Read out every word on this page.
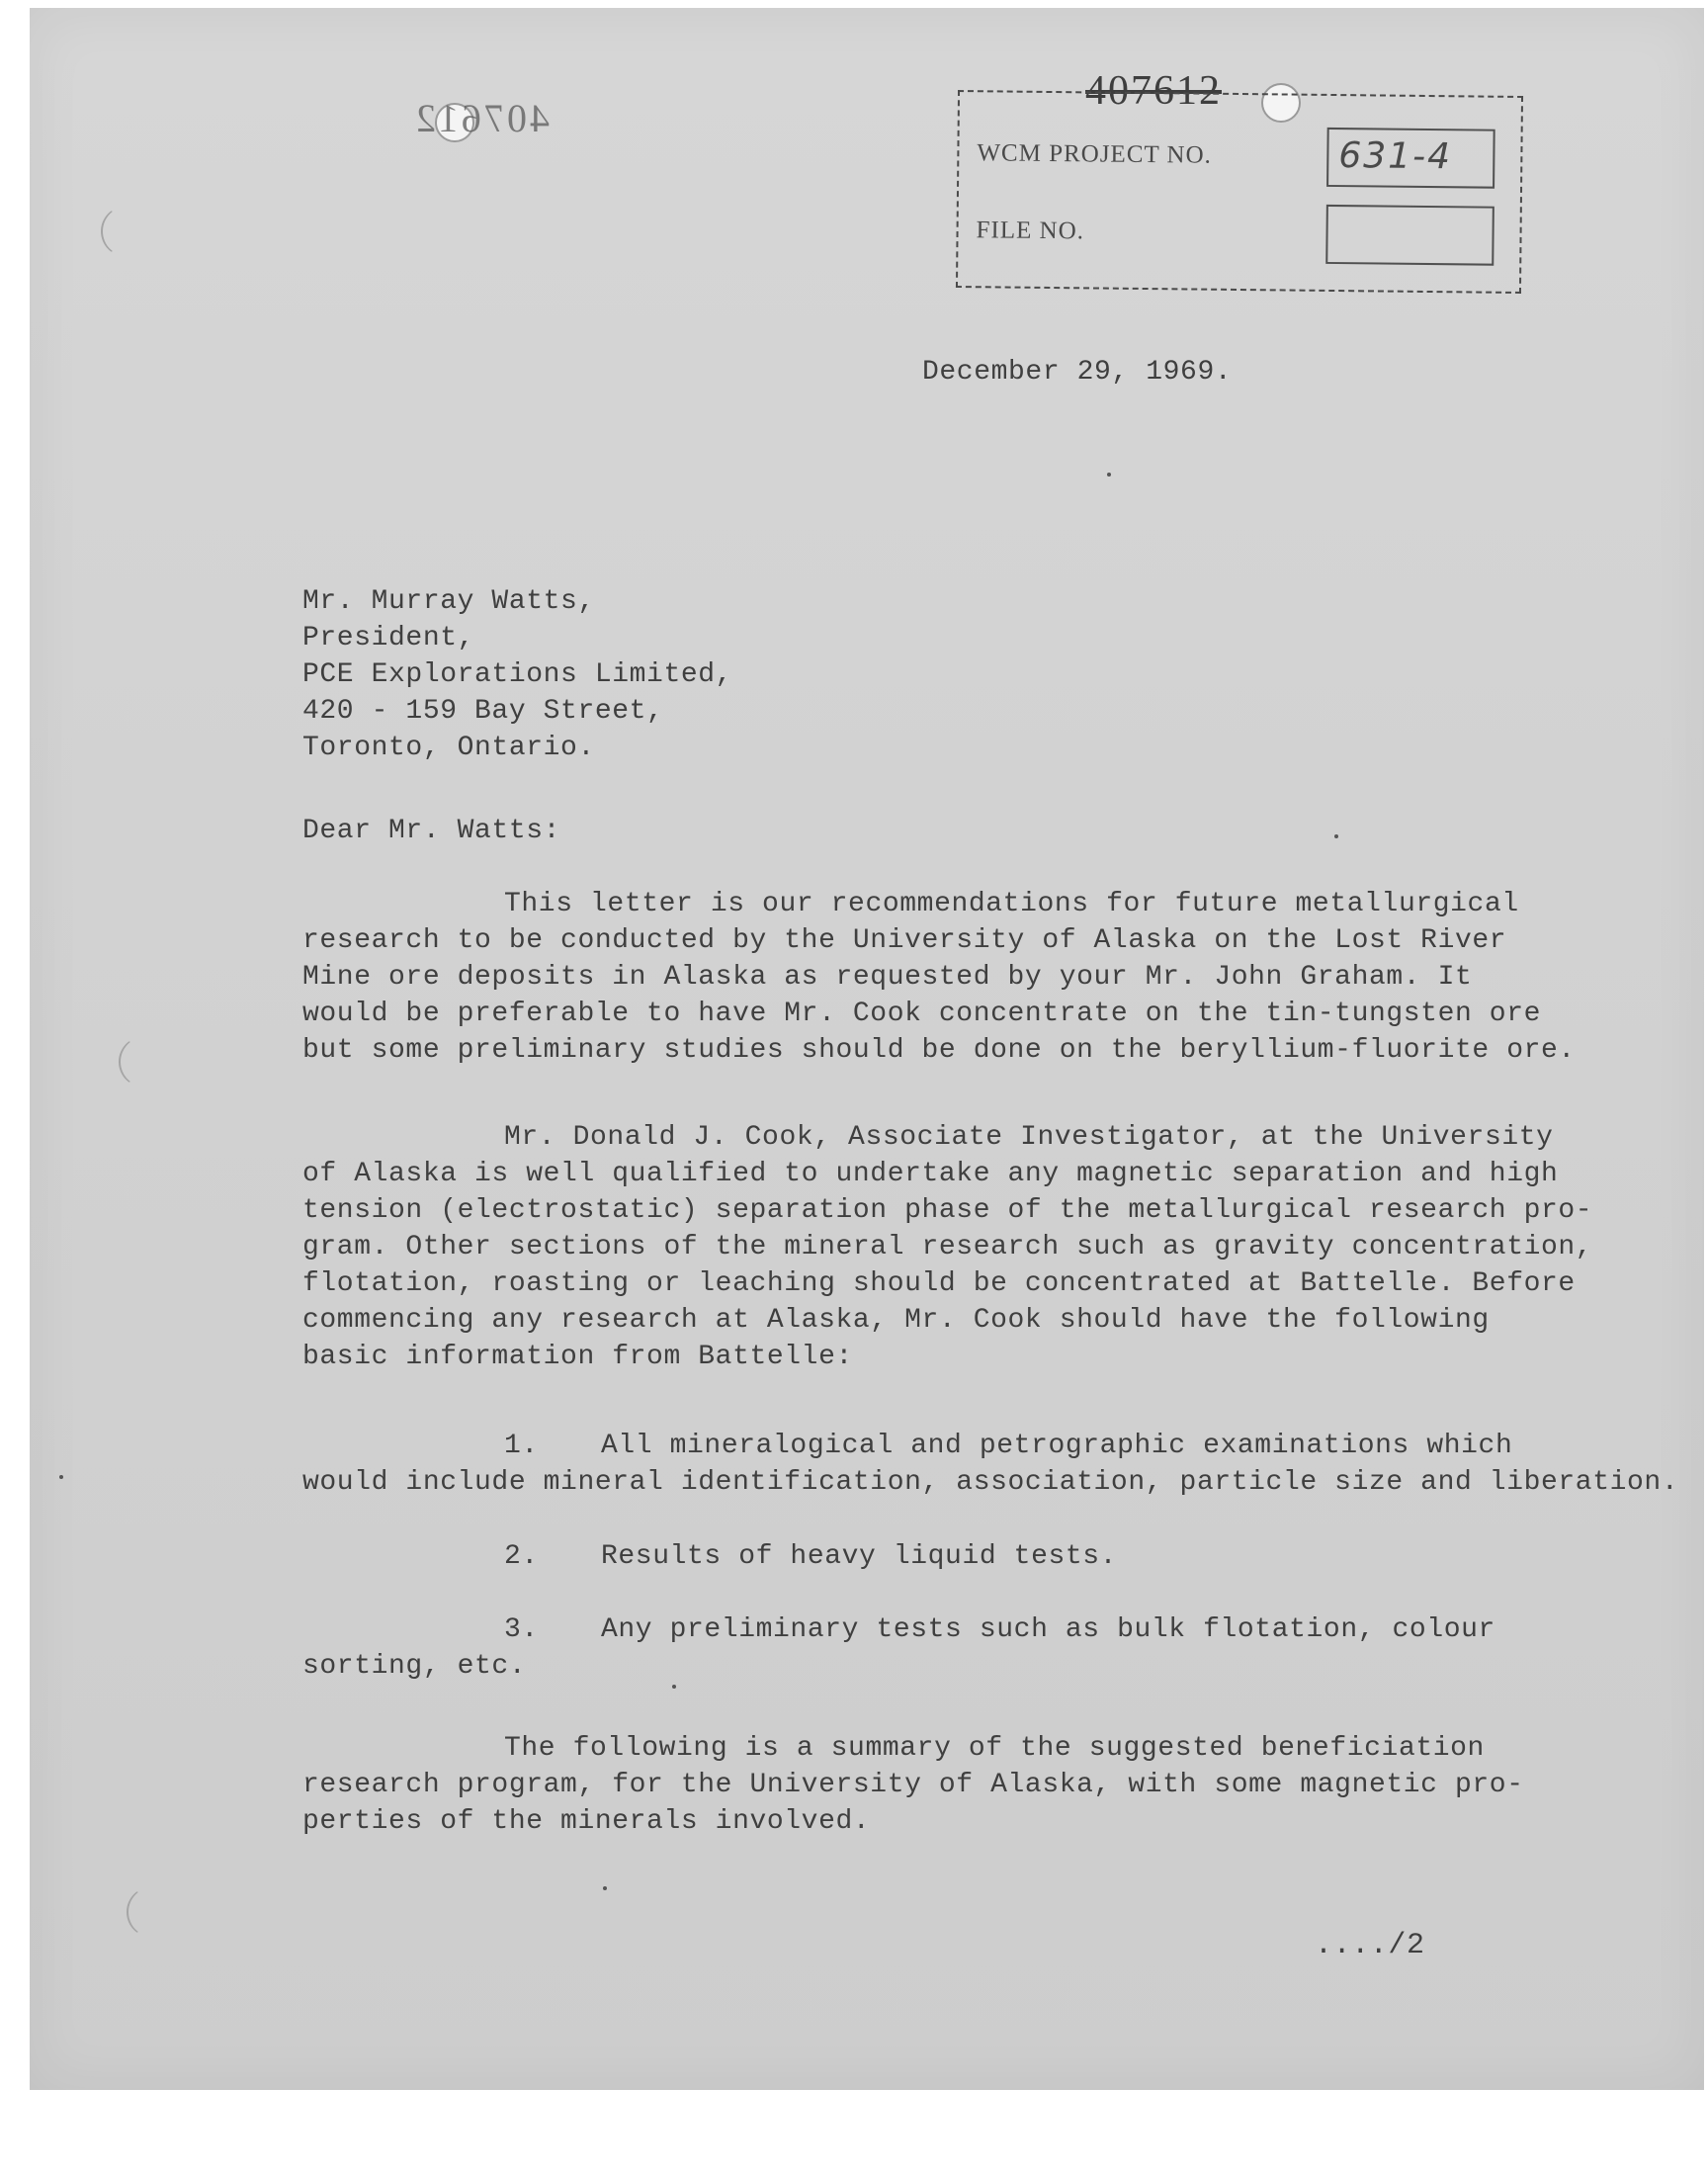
407612
407612
WCM PROJECT NO.	631-4
FILE NO.
December 29, 1969.
Mr. Murray Watts,
President,
PCE Explorations Limited,
420 - 159 Bay Street,
Toronto, Ontario.
Dear Mr. Watts:
This letter is our recommendations for future metallurgical
research to be conducted by the University of Alaska on the Lost River
Mine ore deposits in Alaska as requested by your Mr. John Graham. It
would be preferable to have Mr. Cook concentrate on the tin-tungsten ore
but some preliminary studies should be done on the beryllium-fluorite ore.
Mr. Donald J. Cook, Associate Investigator, at the University
of Alaska is well qualified to undertake any magnetic separation and high
tension (electrostatic) separation phase of the metallurgical research pro-
gram. Other sections of the mineral research such as gravity concentration,
flotation, roasting or leaching should be concentrated at Battelle. Before
commencing any research at Alaska, Mr. Cook should have the following
basic information from Battelle:
1. All mineralogical and petrographic examinations which
would include mineral identification, association, particle size and liberation.
2. Results of heavy liquid tests.
3. Any preliminary tests such as bulk flotation, colour
sorting, etc.
The following is a summary of the suggested beneficiation
research program, for the University of Alaska, with some magnetic pro-
perties of the minerals involved.
..../2
